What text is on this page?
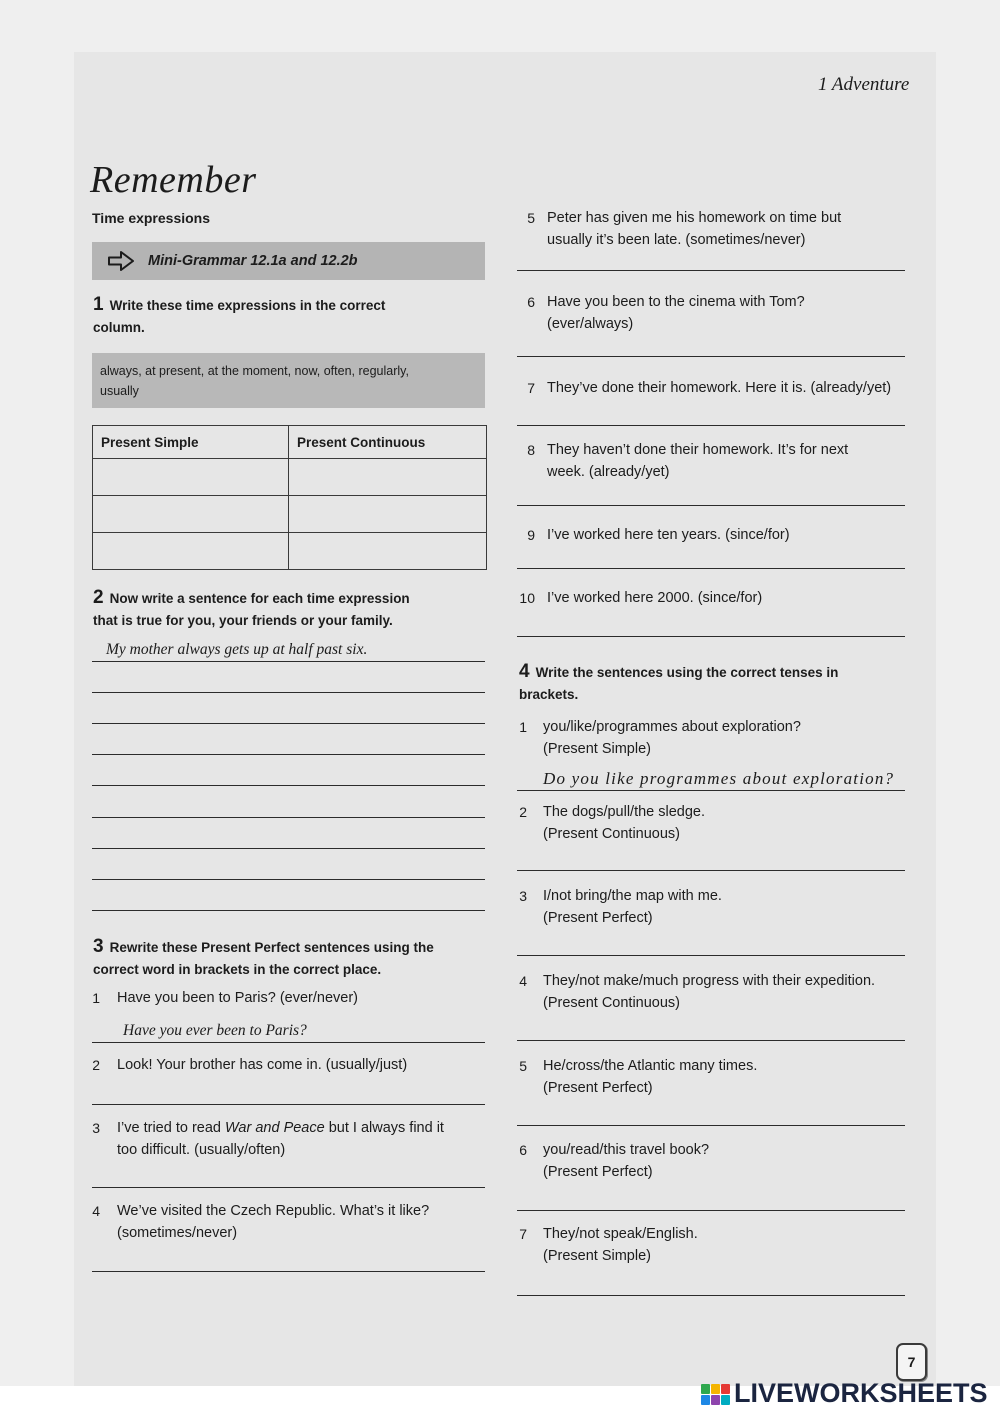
1 Adventure
Remember
Time expressions
Mini-Grammar 12.1a and 12.2b
1 Write these time expressions in the correct
column.
always, at present, at the moment, now, often, regularly,
usually
Present Simple	Present Continuous

2 Now write a sentence for each time expression
that is true for you, your friends or your family.
My mother always gets up at half past six.
3 Rewrite these Present Perfect sentences using the
correct word in brackets in the correct place.
1 Have you been to Paris? (ever/never)
Have you ever been to Paris?
2 Look! Your brother has come in. (usually/just)
3 I’ve tried to read War and Peace but I always find it
too difficult. (usually/often)
4 We’ve visited the Czech Republic. What’s it like?
(sometimes/never)
5 Peter has given me his homework on time but
usually it’s been late. (sometimes/never)
6 Have you been to the cinema with Tom?
(ever/always)
7 They’ve done their homework. Here it is. (already/yet)
8 They haven’t done their homework. It’s for next
week. (already/yet)
9 I’ve worked here ten years. (since/for)
10 I’ve worked here 2000. (since/for)
4 Write the sentences using the correct tenses in
brackets.
1 you/like/programmes about exploration?
(Present Simple)
Do you like programmes about exploration?
2 The dogs/pull/the sledge.
(Present Continuous)
3 I/not bring/the map with me.
(Present Perfect)
4 They/not make/much progress with their expedition.
(Present Continuous)
5 He/cross/the Atlantic many times.
(Present Perfect)
6 you/read/this travel book?
(Present Perfect)
7 They/not speak/English.
(Present Simple)
7
LIVEWORKSHEETS
